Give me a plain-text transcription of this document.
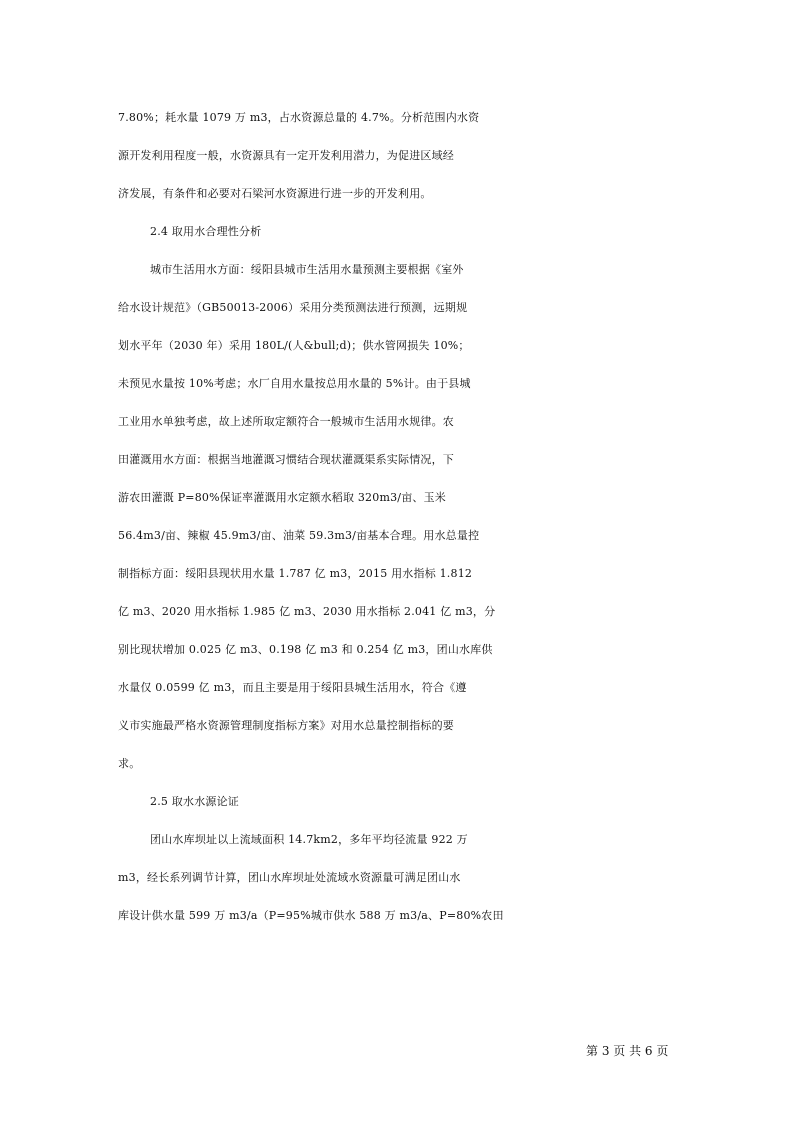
7.80%；耗水量 1079 万 m3，占水资源总量的 4.7%。分析范围内水资
源开发利用程度一般，水资源具有一定开发利用潜力，为促进区域经
济发展，有条件和必要对石梁河水资源进行进一步的开发利用。
2.4 取用水合理性分析
城市生活用水方面：绥阳县城市生活用水量预测主要根据《室外
给水设计规范》（GB50013-2006）采用分类预测法进行预测，远期规
划水平年（2030 年）采用 180L/(人&bull;d)；供水管网损失 10%；
未预见水量按 10%考虑；水厂自用水量按总用水量的 5%计。由于县城
工业用水单独考虑，故上述所取定额符合一般城市生活用水规律。农
田灌溉用水方面：根据当地灌溉习惯结合现状灌溉渠系实际情况，下
游农田灌溉 P=80%保证率灌溉用水定额水稻取 320m3/亩、玉米
56.4m3/亩、辣椒 45.9m3/亩、油菜 59.3m3/亩基本合理。用水总量控
制指标方面：绥阳县现状用水量 1.787 亿 m3，2015 用水指标 1.812
亿 m3、2020 用水指标 1.985 亿 m3、2030 用水指标 2.041 亿 m3，分
别比现状增加 0.025 亿 m3、0.198 亿 m3 和 0.254 亿 m3，团山水库供
水量仅 0.0599 亿 m3，而且主要是用于绥阳县城生活用水，符合《遵
义市实施最严格水资源管理制度指标方案》对用水总量控制指标的要
求。
2.5 取水水源论证
团山水库坝址以上流域面积 14.7km2，多年平均径流量 922 万
m3，经长系列调节计算，团山水库坝址处流域水资源量可满足团山水
库设计供水量 599 万 m3/a（P=95%城市供水 588 万 m3/a、P=80%农田
第 3 页 共 6 页
